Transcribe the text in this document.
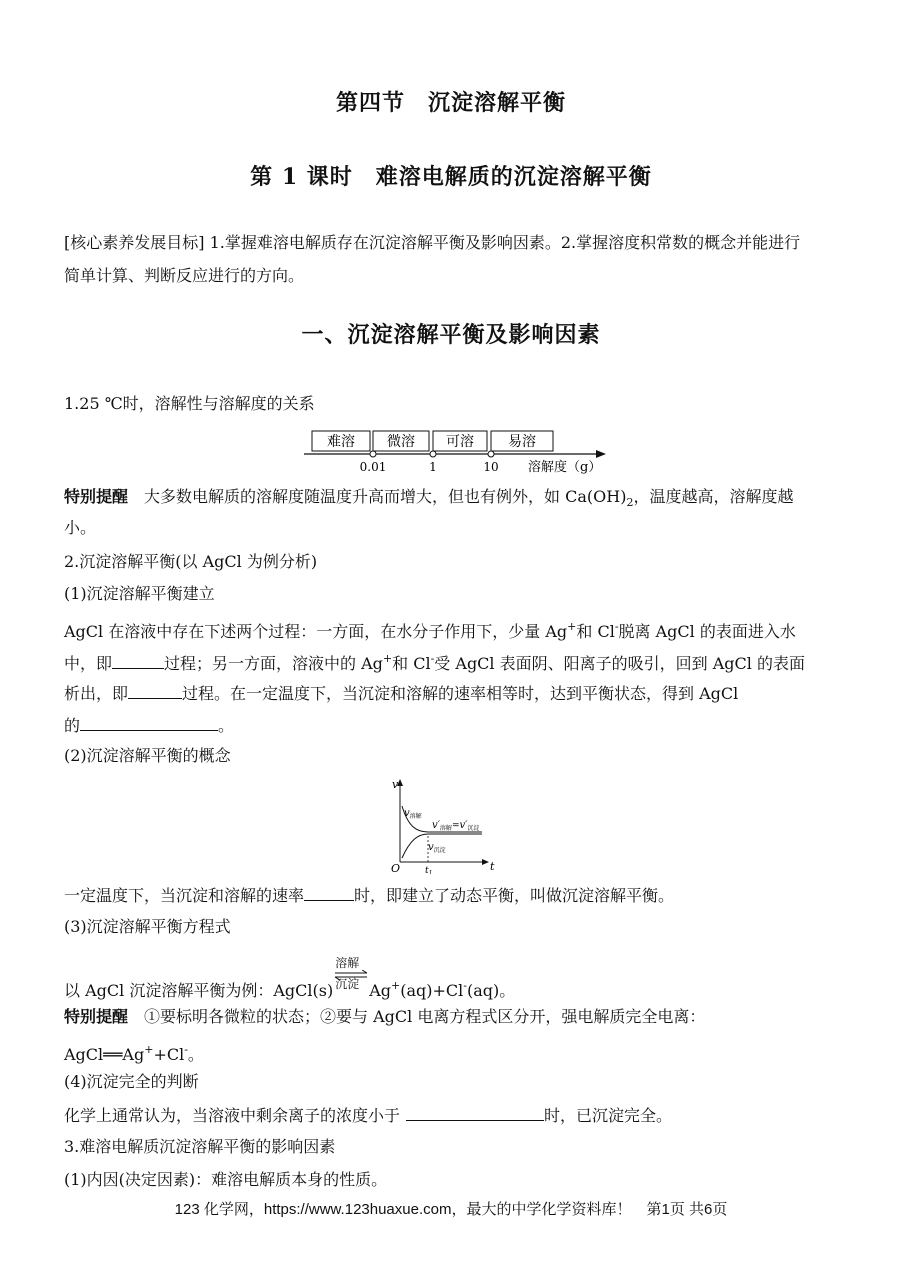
第四节　沉淀溶解平衡
第 1 课时　难溶电解质的沉淀溶解平衡
[核心素养发展目标] 1.掌握难溶电解质存在沉淀溶解平衡及影响因素。2.掌握溶度积常数的概念并能进行
简单计算、判断反应进行的方向。
一、沉淀溶解平衡及影响因素
1.25 ℃时，溶解性与溶解度的关系
难溶 微溶 可溶 易溶
0.01	1	10 溶解度（g）
特别提醒　大多数电解质的溶解度随温度升高而增大，但也有例外，如 $Ca(OH)_2$，温度越高，溶解度越
小。
2.沉淀溶解平衡(以 AgCl 为例分析)
(1)沉淀溶解平衡建立
AgCl 在溶液中存在下述两个过程：一方面，在水分子作用下，少量 Ag+和 Cl-脱离 AgCl 的表面进入水
中，即	过程；另一方面，溶液中的 Ag+和 Cl-受 AgCl 表面阴、阳离子的吸引，回到 AgCl 的表面
析出，即	过程。在一定温度下，当沉淀和溶解的速率相等时，达到平衡状态，得到 AgCl
的	。
(2)沉淀溶解平衡的概念
v
t
O	$t_1$
$v_{溶解}$
$v'_{溶解}=v'_{沉淀}$
$v_{沉淀}$
一定温度下，当沉淀和溶解的速率	时，即建立了动态平衡，叫做沉淀溶解平衡。
(3)沉淀溶解平衡方程式
以 AgCl 沉淀溶解平衡为例：AgCl(s)
溶解
沉淀 Ag+(aq)+Cl-(aq)。
特别提醒　①要标明各微粒的状态；②要与 AgCl 电离方程式区分开，强电解质完全电离：
AgCl══Ag++Cl-。
(4)沉淀完全的判断
化学上通常认为，当溶液中剩余离子的浓度小于	时，已沉淀完全。
3.难溶电解质沉淀溶解平衡的影响因素
(1)内因(决定因素)：难溶电解质本身的性质。
123 化学网，https://www.123huaxue.com，最大的中学化学资料库！　第1页 共6页
